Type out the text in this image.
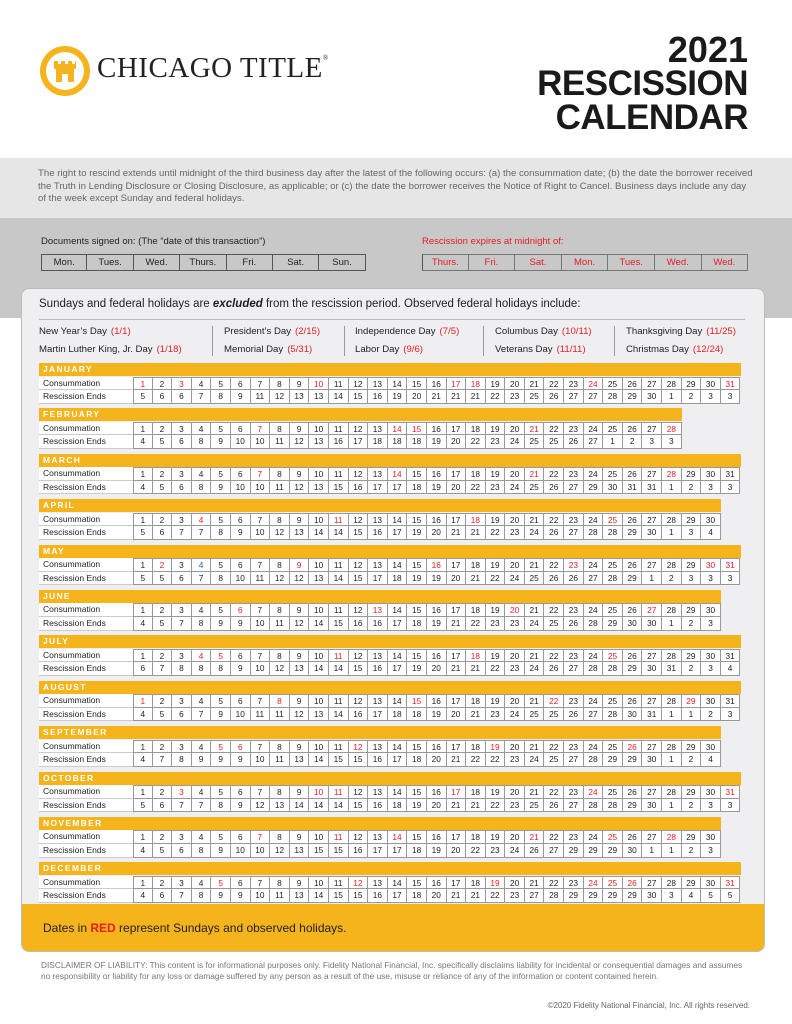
CHICAGO TITLE®	2021
RESCISSION
CALENDAR
The right to rescind extends until midnight of the third business day after the latest of the following occurs: (a) the consummation date; (b) the date the borrower received the Truth in Lending Disclosure or Closing Disclosure, as applicable; or (c) the date the borrower receives the Notice of Right to Cancel. Business days include any day of the week except Sunday and federal holidays.
Documents signed on: (The “date of this transaction”)	Rescission expires at midnight of:
Mon.	Tues.	Wed.	Thurs.	Fri.	Sat.	Sun.	Thurs.	Fri.	Sat.	Mon.	Tues.	Wed.	Wed.
Sundays and federal holidays are excluded from the rescission period. Observed federal holidays include:
New Year’s Day (1/1)
Martin Luther King, Jr. Day (1/18)
President’s Day (2/15)
Memorial Day (5/31)
Independence Day (7/5)
Labor Day (9/6)
Columbus Day (10/11)
Veterans Day (11/11)
Thanksgiving Day (11/25)
Christmas Day (12/24)
JANUARY
Consummation	1	2	3	4	5	6	7	8	9	10	11	12	13	14	15	16	17	18	19	20	21	22	23	24	25	26	27	28	29	30	31
Rescission Ends	5	6	6	7	8	9	11	12	13	13	14	15	16	19	20	21	21	21	22	23	25	26	27	27	28	29	30	1	2	3	3
FEBRUARY
Consummation	1	2	3	4	5	6	7	8	9	10	11	12	13	14	15	16	17	18	19	20	21	22	23	24	25	26	27	28
Rescission Ends	4	5	6	8	9	10	10	11	12	13	16	17	18	18	18	19	20	22	23	24	25	25	26	27	1	2	3	3
MARCH
Consummation	1	2	3	4	5	6	7	8	9	10	11	12	13	14	15	16	17	18	19	20	21	22	23	24	25	26	27	28	29	30	31
Rescission Ends	4	5	6	8	9	10	10	11	12	13	15	16	17	17	18	19	20	22	23	24	25	26	27	29	30	31	31	1	2	3	3
APRIL
Consummation	1	2	3	4	5	6	7	8	9	10	11	12	13	14	15	16	17	18	19	20	21	22	23	24	25	26	27	28	29	30
Rescission Ends	5	6	7	7	8	9	10	12	13	14	14	15	16	17	19	20	21	21	22	23	24	26	27	28	28	29	30	1	3	4
MAY
Consummation	1	2	3	4	5	6	7	8	9	10	11	12	13	14	15	16	17	18	19	20	21	22	23	24	25	26	27	28	29	30	31
Rescission Ends	5	5	6	7	8	10	11	12	12	13	14	15	17	18	19	19	20	21	22	24	25	26	26	27	28	29	1	2	3	3	3
JUNE
Consummation	1	2	3	4	5	6	7	8	9	10	11	12	13	14	15	16	17	18	19	20	21	22	23	24	25	26	27	28	29	30
Rescission Ends	4	5	7	8	9	9	10	11	12	14	15	16	16	17	18	19	21	22	23	23	24	25	26	28	29	30	30	1	2	3
JULY
Consummation	1	2	3	4	5	6	7	8	9	10	11	12	13	14	15	16	17	18	19	20	21	22	23	24	25	26	27	28	29	30	31
Rescission Ends	6	7	8	8	8	9	10	12	13	14	14	15	16	17	19	20	21	21	22	23	24	26	27	28	28	29	30	31	2	3	4
AUGUST
Consummation	1	2	3	4	5	6	7	8	9	10	11	12	13	14	15	16	17	18	19	20	21	22	23	24	25	26	27	28	29	30	31
Rescission Ends	4	5	6	7	9	10	11	11	12	13	14	16	17	18	18	19	20	21	23	24	25	25	26	27	28	30	31	1	1	2	3
SEPTEMBER
Consummation	1	2	3	4	5	6	7	8	9	10	11	12	13	14	15	16	17	18	19	20	21	22	23	24	25	26	27	28	29	30
Rescission Ends	4	7	8	9	9	9	10	11	13	14	15	15	16	17	18	20	21	22	22	23	24	25	27	28	29	29	30	1	2	4
OCTOBER
Consummation	1	2	3	4	5	6	7	8	9	10	11	12	13	14	15	16	17	18	19	20	21	22	23	24	25	26	27	28	29	30	31
Rescission Ends	5	6	7	7	8	9	12	13	14	14	14	15	16	18	19	20	21	21	22	23	25	26	27	28	28	29	30	1	2	3	3
NOVEMBER
Consummation	1	2	3	4	5	6	7	8	9	10	11	12	13	14	15	16	17	18	19	20	21	22	23	24	25	26	27	28	29	30
Rescission Ends	4	5	6	8	9	10	10	12	13	15	15	16	17	17	18	19	20	22	23	24	26	27	29	29	29	30	1	1	2	3
DECEMBER
Consummation	1	2	3	4	5	6	7	8	9	10	11	12	13	14	15	16	17	18	19	20	21	22	23	24	25	26	27	28	29	30	31
Rescission Ends	4	6	7	8	9	9	10	11	13	14	15	15	16	17	18	20	21	21	22	23	27	28	29	29	29	29	30	3	4	5	5
Dates in RED represent Sundays and observed holidays.
DISCLAIMER OF LIABILITY: This content is for informational purposes only. Fidelity National Financial, Inc. specifically disclaims liability for incidental or consequential damages and assumes no responsibility or liability for any loss or damage suffered by any person as a result of the use, misuse or reliance of any of the information or content contained herein.
©2020 Fidelity National Financial, Inc. All rights reserved.
